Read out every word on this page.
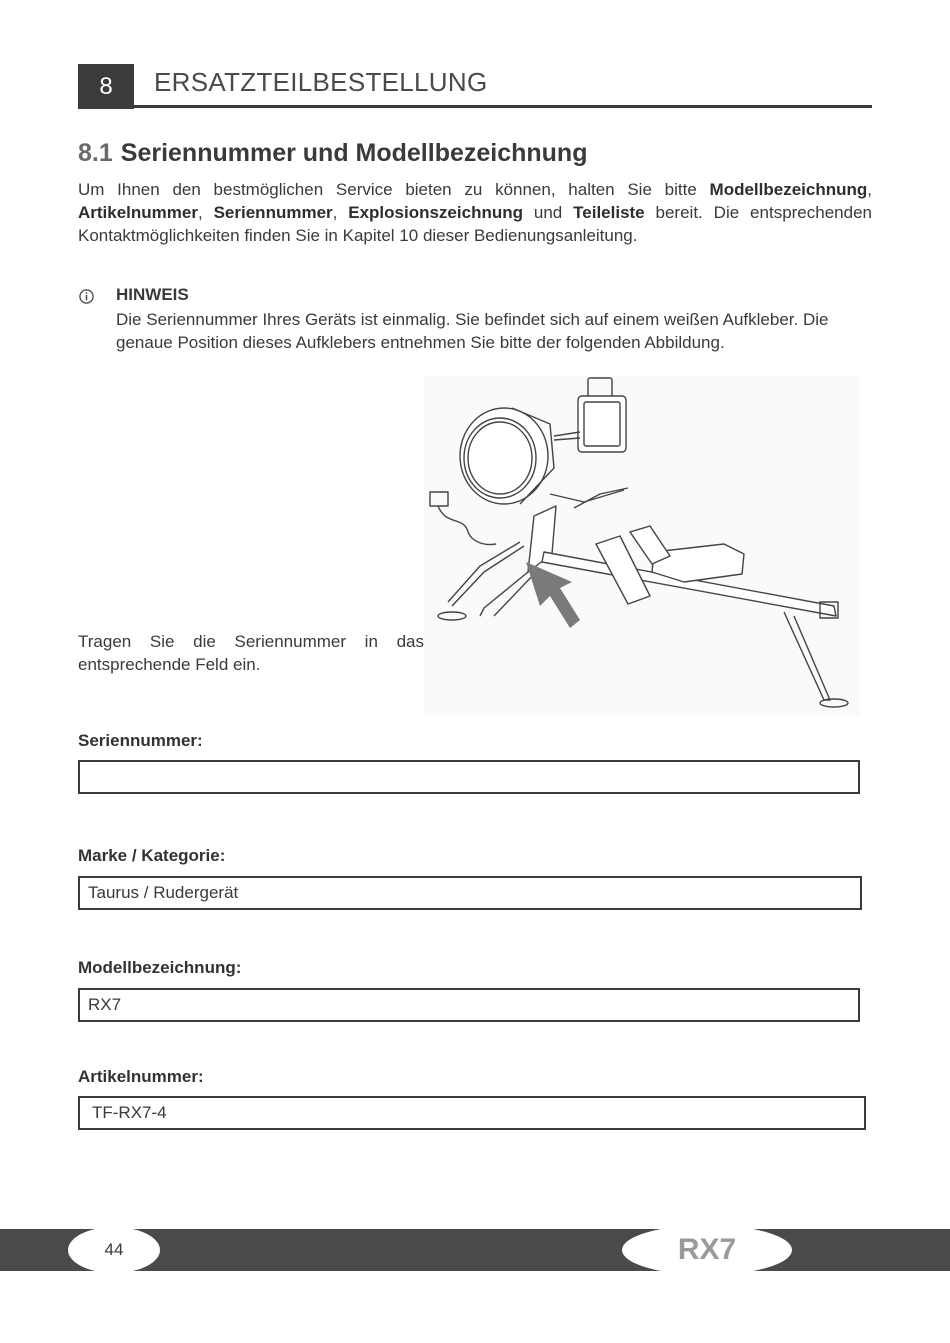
8	ERSATZTEILBESTELLUNG
8.1 Seriennummer und Modellbezeichnung

Um Ihnen den bestmöglichen Service bieten zu können, halten Sie bitte Modellbezeichnung, Artikelnummer, Seriennummer, Explosionszeichnung und Teileliste bereit. Die entsprechenden Kontaktmöglichkeiten finden Sie in Kapitel 10 dieser Bedienungsanleitung.

HINWEIS
Die Seriennummer Ihres Geräts ist einmalig. Sie befindet sich auf einem weißen Aufkleber. Die genaue Position dieses Aufklebers entnehmen Sie bitte der folgenden Abbildung.
Tragen Sie die Seriennummer in das entsprechende Feld ein.
Seriennummer:
Marke / Kategorie:
Taurus / Rudergerät
Modellbezeichnung:
RX7
Artikelnummer:
TF-RX7-4
44	RX7
